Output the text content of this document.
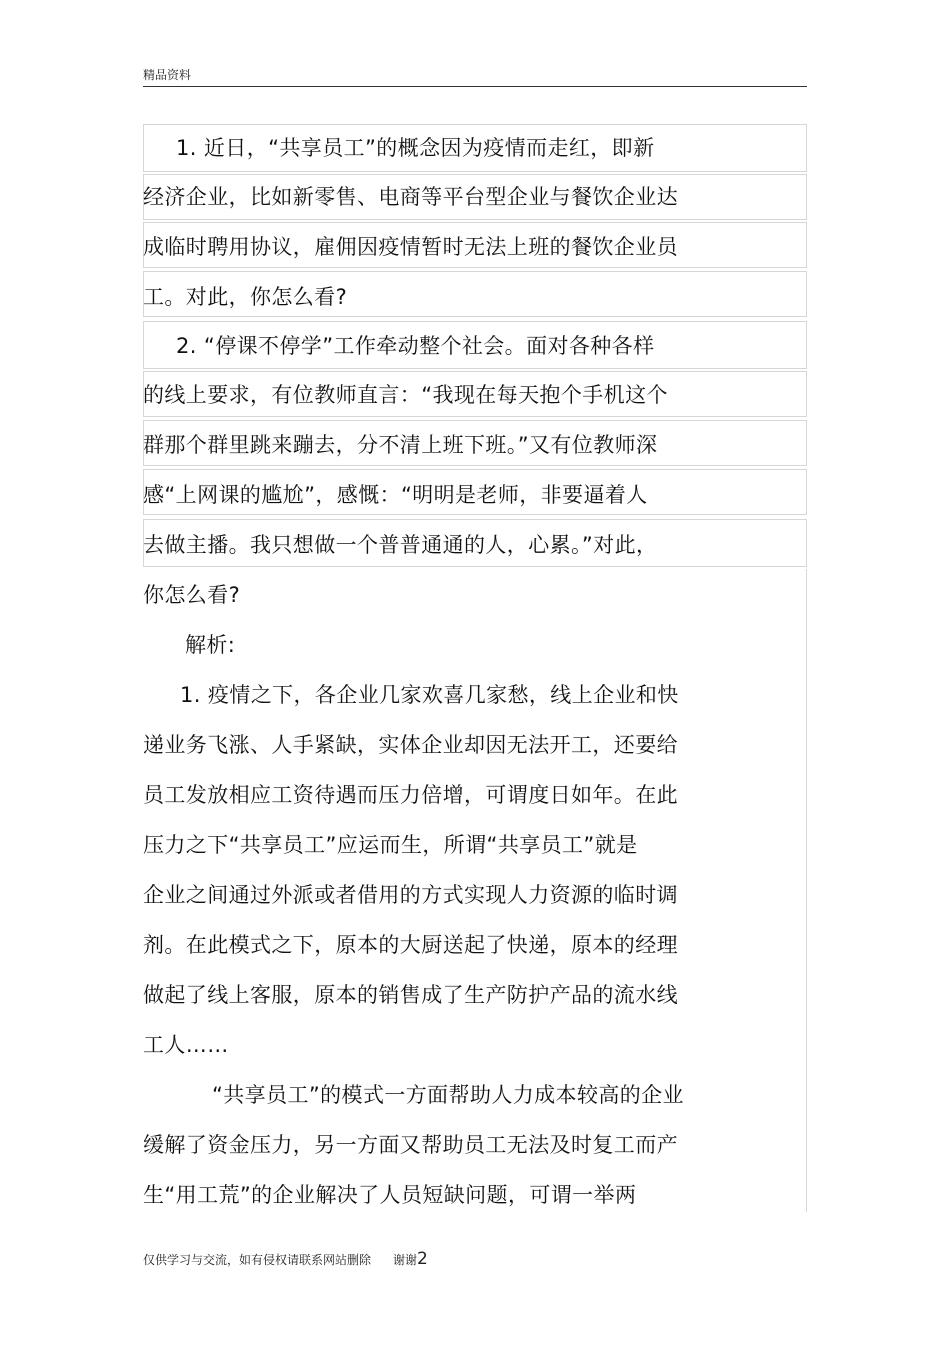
精品资料
1. 近日，“共享员工”的概念因为疫情而走红，即新
经济企业，比如新零售、电商等平台型企业与餐饮企业达
成临时聘用协议，雇佣因疫情暂时无法上班的餐饮企业员
工。对此，你怎么看?
2. “停课不停学”工作牵动整个社会。面对各种各样
的线上要求，有位教师直言：“我现在每天抱个手机这个
群那个群里跳来蹦去，分不清上班下班。”又有位教师深
感“上网课的尴尬”，感慨：“明明是老师，非要逼着人
去做主播。我只想做一个普普通通的人，心累。”对此，
你怎么看?
解析:
1. 疫情之下，各企业几家欢喜几家愁，线上企业和快
递业务飞涨、人手紧缺，实体企业却因无法开工，还要给
员工发放相应工资待遇而压力倍增，可谓度日如年。在此
压力之下“共享员工”应运而生，所谓“共享员工”就是
企业之间通过外派或者借用的方式实现人力资源的临时调
剂。在此模式之下，原本的大厨送起了快递，原本的经理
做起了线上客服，原本的销售成了生产防护产品的流水线
工人……
“共享员工”的模式一方面帮助人力成本较高的企业
缓解了资金压力，另一方面又帮助员工无法及时复工而产
生“用工荒”的企业解决了人员短缺问题，可谓一举两
仅供学习与交流，如有侵权请联系网站删除 谢谢2
